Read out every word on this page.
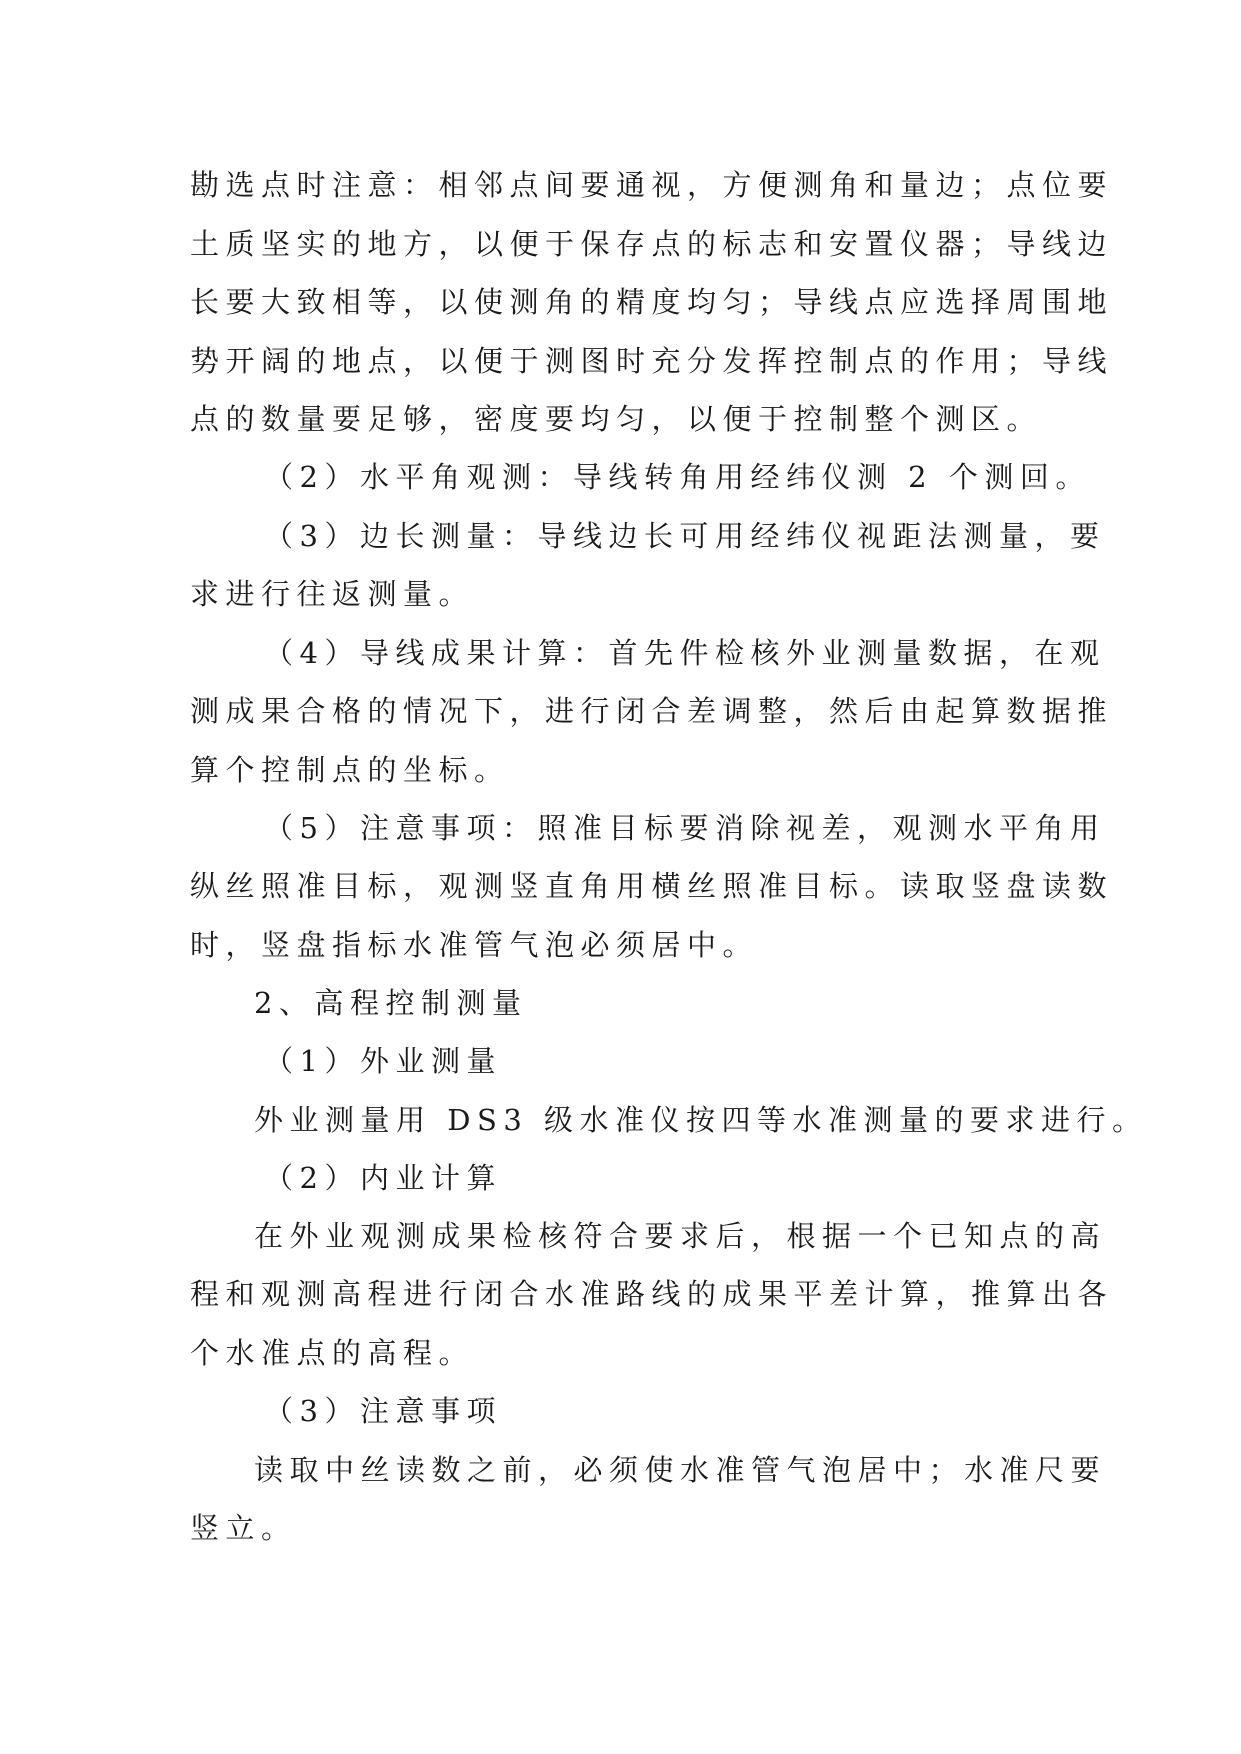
勘选点时注意：相邻点间要通视，方便测角和量边；点位要
土质坚实的地方，以便于保存点的标志和安置仪器；导线边
长要大致相等，以使测角的精度均匀；导线点应选择周围地
势开阔的地点，以便于测图时充分发挥控制点的作用；导线
点的数量要足够，密度要均匀，以便于控制整个测区。
（2）水平角观测：导线转角用经纬仪测 2 个测回。
（3）边长测量：导线边长可用经纬仪视距法测量，要
求进行往返测量。
（4）导线成果计算：首先件检核外业测量数据，在观
测成果合格的情况下，进行闭合差调整，然后由起算数据推
算个控制点的坐标。
（5）注意事项：照准目标要消除视差，观测水平角用
纵丝照准目标，观测竖直角用横丝照准目标。读取竖盘读数
时，竖盘指标水准管气泡必须居中。
2、高程控制测量
（1）外业测量
外业测量用 DS3 级水准仪按四等水准测量的要求进行。
（2）内业计算
在外业观测成果检核符合要求后，根据一个已知点的高
程和观测高程进行闭合水准路线的成果平差计算，推算出各
个水准点的高程。
（3）注意事项
读取中丝读数之前，必须使水准管气泡居中；水准尺要
竖立。
